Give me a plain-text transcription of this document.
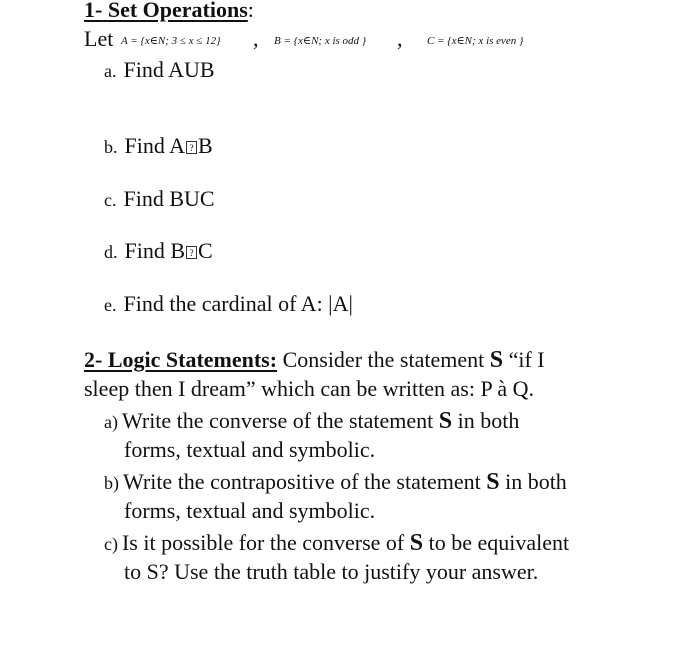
1- Set Operations:
Let A = {x∈N; 3 ≤ x ≤ 12} , B = {x∈N; x is odd } , C = {x∈N; x is even }
a. Find AUB
b. Find A ? B
c. Find BUC
d. Find B ? C
e. Find the cardinal of A: |A|
2- Logic Statements: Consider the statement S “if I
sleep then I dream” which can be written as: P à Q.
a) Write the converse of the statement S in both
forms, textual and symbolic.
b) Write the contrapositive of the statement S in both
forms, textual and symbolic.
c) Is it possible for the converse of S to be equivalent
to S? Use the truth table to justify your answer.
